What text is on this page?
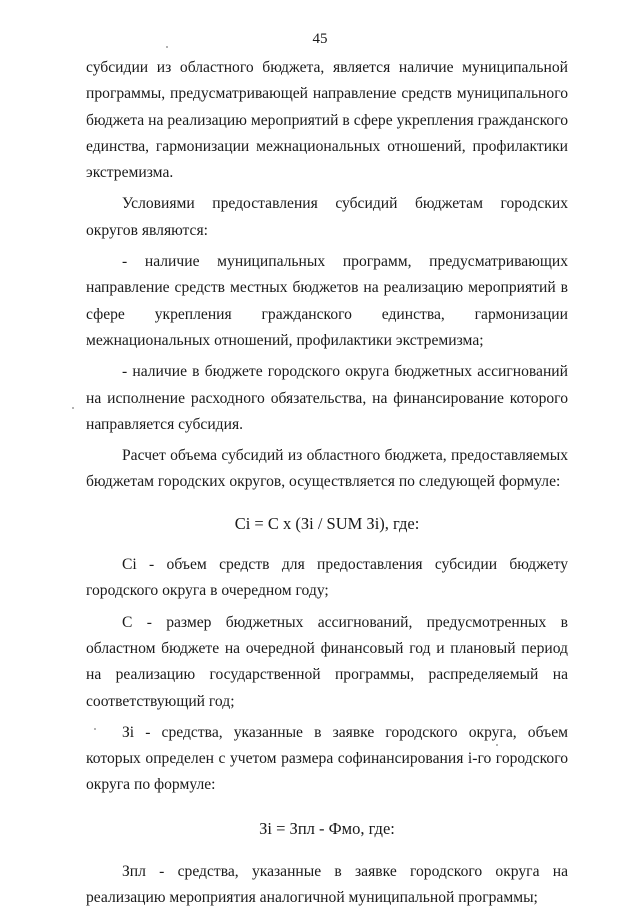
45

субсидии из областного бюджета, является наличие муниципальной программы, предусматривающей направление средств муниципального бюджета на реализацию мероприятий в сфере укрепления гражданского единства, гармонизации межнациональных отношений, профилактики экстремизма.

Условиями предоставления субсидий бюджетам городских округов являются:

- наличие муниципальных программ, предусматривающих направление средств местных бюджетов на реализацию мероприятий в сфере укрепления гражданского единства, гармонизации межнациональных отношений, профилактики экстремизма;

- наличие в бюджете городского округа бюджетных ассигнований на исполнение расходного обязательства, на финансирование которого направляется субсидия.

Расчет объема субсидий из областного бюджета, предоставляемых бюджетам городских округов, осуществляется по следующей формуле:

Ci = C x (Зi / SUM Зi), где:

Ci - объем средств для предоставления субсидии бюджету городского округа в очередном году;

C - размер бюджетных ассигнований, предусмотренных в областном бюджете на очередной финансовый год и плановый период на реализацию государственной программы, распределяемый на соответствующий год;

Зi - средства, указанные в заявке городского округа, объем которых определен с учетом размера софинансирования i-го городского округа по формуле:

Зi = Зпл - Фмо, где:

Зпл - средства, указанные в заявке городского округа на реализацию мероприятия аналогичной муниципальной программы;
